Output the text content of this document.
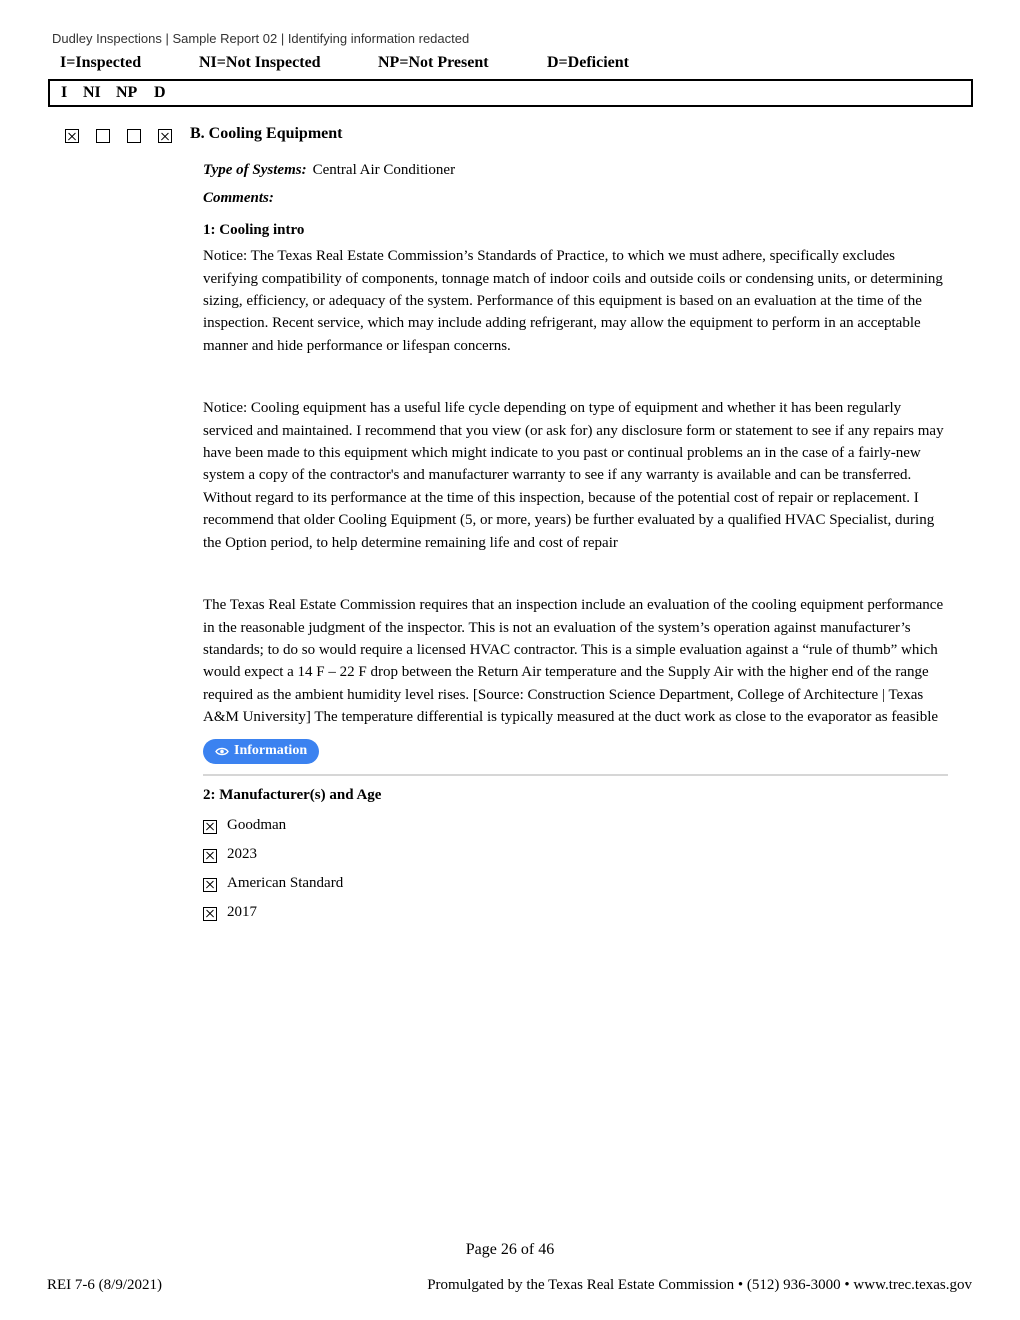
Dudley Inspections | Sample Report 02 | Identifying information redacted
I=Inspected	NI=Not Inspected	NP=Not Present	D=Deficient
I NI NP D
B. Cooling Equipment
Type of Systems: Central Air Conditioner
Comments:
1: Cooling intro

Notice: The Texas Real Estate Commission’s Standards of Practice, to which we must adhere, specifically excludes verifying compatibility of components, tonnage match of indoor coils and outside coils or condensing units, or determining sizing, efficiency, or adequacy of the system. Performance of this equipment is based on an evaluation at the time of the inspection. Recent service, which may include adding refrigerant, may allow the equipment to perform in an acceptable manner and hide performance or lifespan concerns.

Notice: Cooling equipment has a useful life cycle depending on type of equipment and whether it has been regularly serviced and maintained. I recommend that you view (or ask for) any disclosure form or statement to see if any repairs may have been made to this equipment which might indicate to you past or continual problems an in the case of a fairly-new system a copy of the contractor's and manufacturer warranty to see if any warranty is available and can be transferred. Without regard to its performance at the time of this inspection, because of the potential cost of repair or replacement. I recommend that older Cooling Equipment (5, or more, years) be further evaluated by a qualified HVAC Specialist, during the Option period, to help determine remaining life and cost of repair

The Texas Real Estate Commission requires that an inspection include an evaluation of the cooling equipment performance in the reasonable judgment of the inspector. This is not an evaluation of the system’s operation against manufacturer’s standards; to do so would require a licensed HVAC contractor. This is a simple evaluation against a “rule of thumb” which would expect a 14 F – 22 F drop between the Return Air temperature and the Supply Air with the higher end of the range required as the ambient humidity level rises. [Source: Construction Science Department, College of Architecture | Texas A&M University] The temperature differential is typically measured at the duct work as close to the evaporator as feasible

Information
2: Manufacturer(s) and Age
Goodman
2023
American Standard
2017
Page 26 of 46
REI 7-6 (8/9/2021)	Promulgated by the Texas Real Estate Commission • (512) 936-3000 • www.trec.texas.gov
